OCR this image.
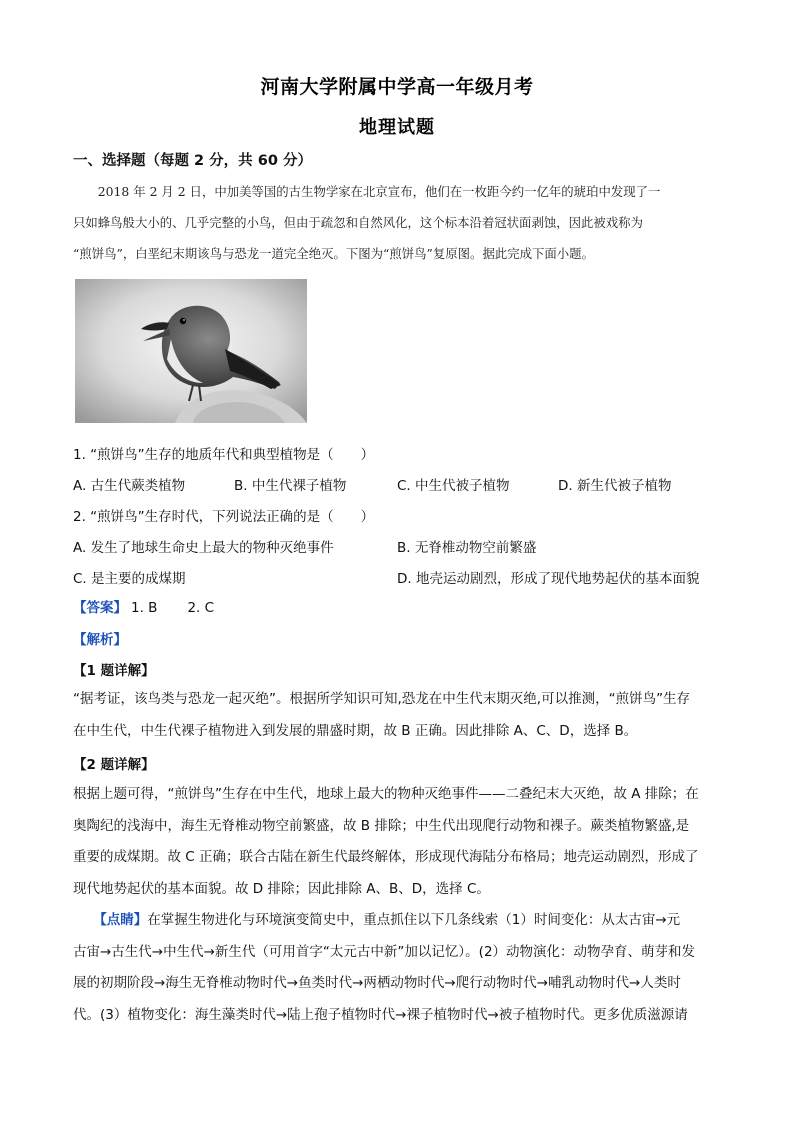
河南大学附属中学高一年级月考
地理试题
一、选择题（每题 2 分，共 60 分）

　　2018 年 2 月 2 日，中加美等国的古生物学家在北京宣布，他们在一枚距今约一亿年的琥珀中发现了一

只如蜂鸟般大小的、几乎完整的小鸟，但由于疏忽和自然风化，这个标本沿着冠状面剥蚀，因此被戏称为

“煎饼鸟”，白垩纪末期该鸟与恐龙一道完全绝灭。下图为“煎饼鸟”复原图。据此完成下面小题。

1. “煎饼鸟”生存的地质年代和典型植物是（　　）
A. 古生代蕨类植物	B. 中生代裸子植物	C. 中生代被子植物	D. 新生代被子植物
2. “煎饼鸟”生存时代，下列说法正确的是（　　）
A. 发生了地球生命史上最大的物种灭绝事件	B. 无脊椎动物空前繁盛
C. 是主要的成煤期	D. 地壳运动剧烈，形成了现代地势起伏的基本面貌
【答案】 1. B 2. C
【解析】
【1 题详解】

“据考证，该鸟类与恐龙一起灭绝”。根据所学知识可知,恐龙在中生代末期灭绝,可以推测，“煎饼鸟”生存

在中生代，中生代裸子植物进入到发展的鼎盛时期，故 B 正确。因此排除 A、C、D，选择 B。

【2 题详解】

根据上题可得，“煎饼鸟”生存在中生代，地球上最大的物种灭绝事件——二叠纪末大灭绝，故 A 排除；在

奥陶纪的浅海中，海生无脊椎动物空前繁盛，故 B 排除；中生代出现爬行动物和裸子。蕨类植物繁盛,是

重要的成煤期。故 C 正确；联合古陆在新生代最终解体，形成现代海陆分布格局；地壳运动剧烈，形成了

现代地势起伏的基本面貌。故 D 排除；因此排除 A、B、D，选择 C。

　　【点睛】在掌握生物进化与环境演变简史中，重点抓住以下几条线索（1）时间变化：从太古宙→元

古宙→古生代→中生代→新生代（可用首字“太元古中新”加以记忆）。(2）动物演化：动物孕育、萌芽和发

展的初期阶段→海生无脊椎动物时代→鱼类时代→两栖动物时代→爬行动物时代→哺乳动物时代→人类时

代。(3）植物变化：海生藻类时代→陆上孢子植物时代→裸子植物时代→被子植物时代。更多优质滋源请
